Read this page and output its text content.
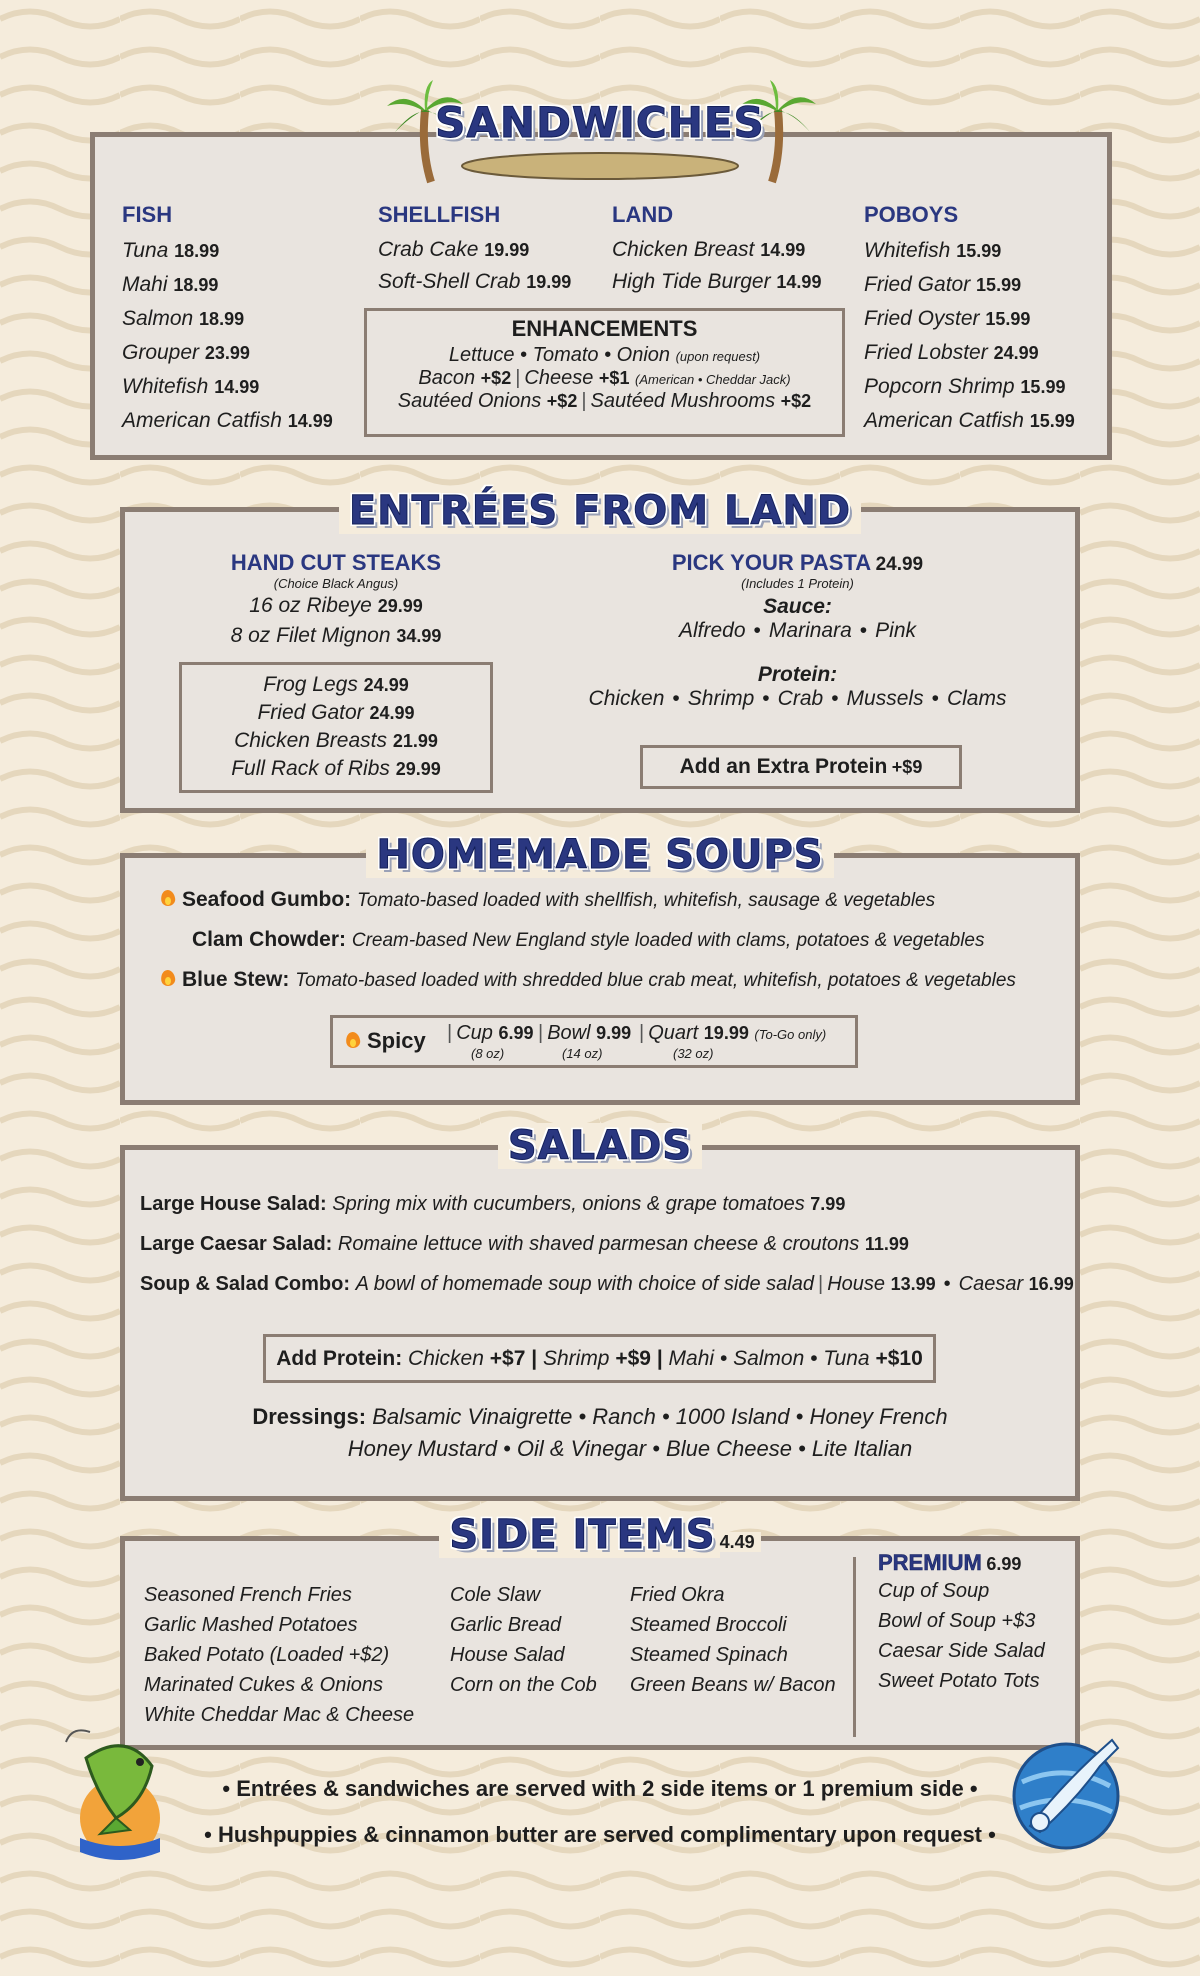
SANDWICHES
FISH
Tuna 18.99
Mahi 18.99
Salmon 18.99
Grouper 23.99
Whitefish 14.99
American Catfish 14.99
SHELLFISH
Crab Cake 19.99
Soft-Shell Crab 19.99
LAND
Chicken Breast 14.99
High Tide Burger 14.99
POBOYS
Whitefish 15.99
Fried Gator 15.99
Fried Oyster 15.99
Fried Lobster 24.99
Popcorn Shrimp 15.99
American Catfish 15.99
ENHANCEMENTS
Lettuce • Tomato • Onion (upon request)
Bacon +$2 | Cheese +$1 (American • Cheddar Jack)
Sautéed Onions +$2 | Sautéed Mushrooms +$2
ENTRÉES FROM LAND
HAND CUT STEAKS
(Choice Black Angus)
16 oz Ribeye 29.99
8 oz Filet Mignon 34.99
Frog Legs 24.99
Fried Gator 24.99
Chicken Breasts 21.99
Full Rack of Ribs 29.99
PICK YOUR PASTA 24.99
(Includes 1 Protein)
Sauce:
Alfredo • Marinara • Pink
Protein:
Chicken • Shrimp • Crab • Mussels • Clams
Add an Extra Protein +$9
HOMEMADE SOUPS
Seafood Gumbo: Tomato-based loaded with shellfish, whitefish, sausage & vegetables
Clam Chowder: Cream-based New England style loaded with clams, potatoes & vegetables
Blue Stew: Tomato-based loaded with shredded blue crab meat, whitefish, potatoes & vegetables
Spicy | Cup 6.99
(8 oz)
| Bowl 9.99
(14 oz)
| Quart 19.99 (To-Go only)
(32 oz)
SALADS
Large House Salad: Spring mix with cucumbers, onions & grape tomatoes 7.99
Large Caesar Salad: Romaine lettuce with shaved parmesan cheese & croutons 11.99
Soup & Salad Combo: A bowl of homemade soup with choice of side salad | House 13.99 • Caesar 16.99
Add Protein: Chicken +$7 | Shrimp +$9 | Mahi • Salmon • Tuna +$10
Dressings: Balsamic Vinaigrette • Ranch • 1000 Island • Honey French
Honey Mustard • Oil & Vinegar • Blue Cheese • Lite Italian
SIDE ITEMS 4.49
Seasoned French Fries
Garlic Mashed Potatoes
Baked Potato (Loaded +$2)
Marinated Cukes & Onions
White Cheddar Mac & Cheese
Cole Slaw
Garlic Bread
House Salad
Corn on the Cob
Fried Okra
Steamed Broccoli
Steamed Spinach
Green Beans w/ Bacon
PREMIUM 6.99
Cup of Soup
Bowl of Soup +$3
Caesar Side Salad
Sweet Potato Tots
• Entrées & sandwiches are served with 2 side items or 1 premium side •
• Hushpuppies & cinnamon butter are served complimentary upon request •
